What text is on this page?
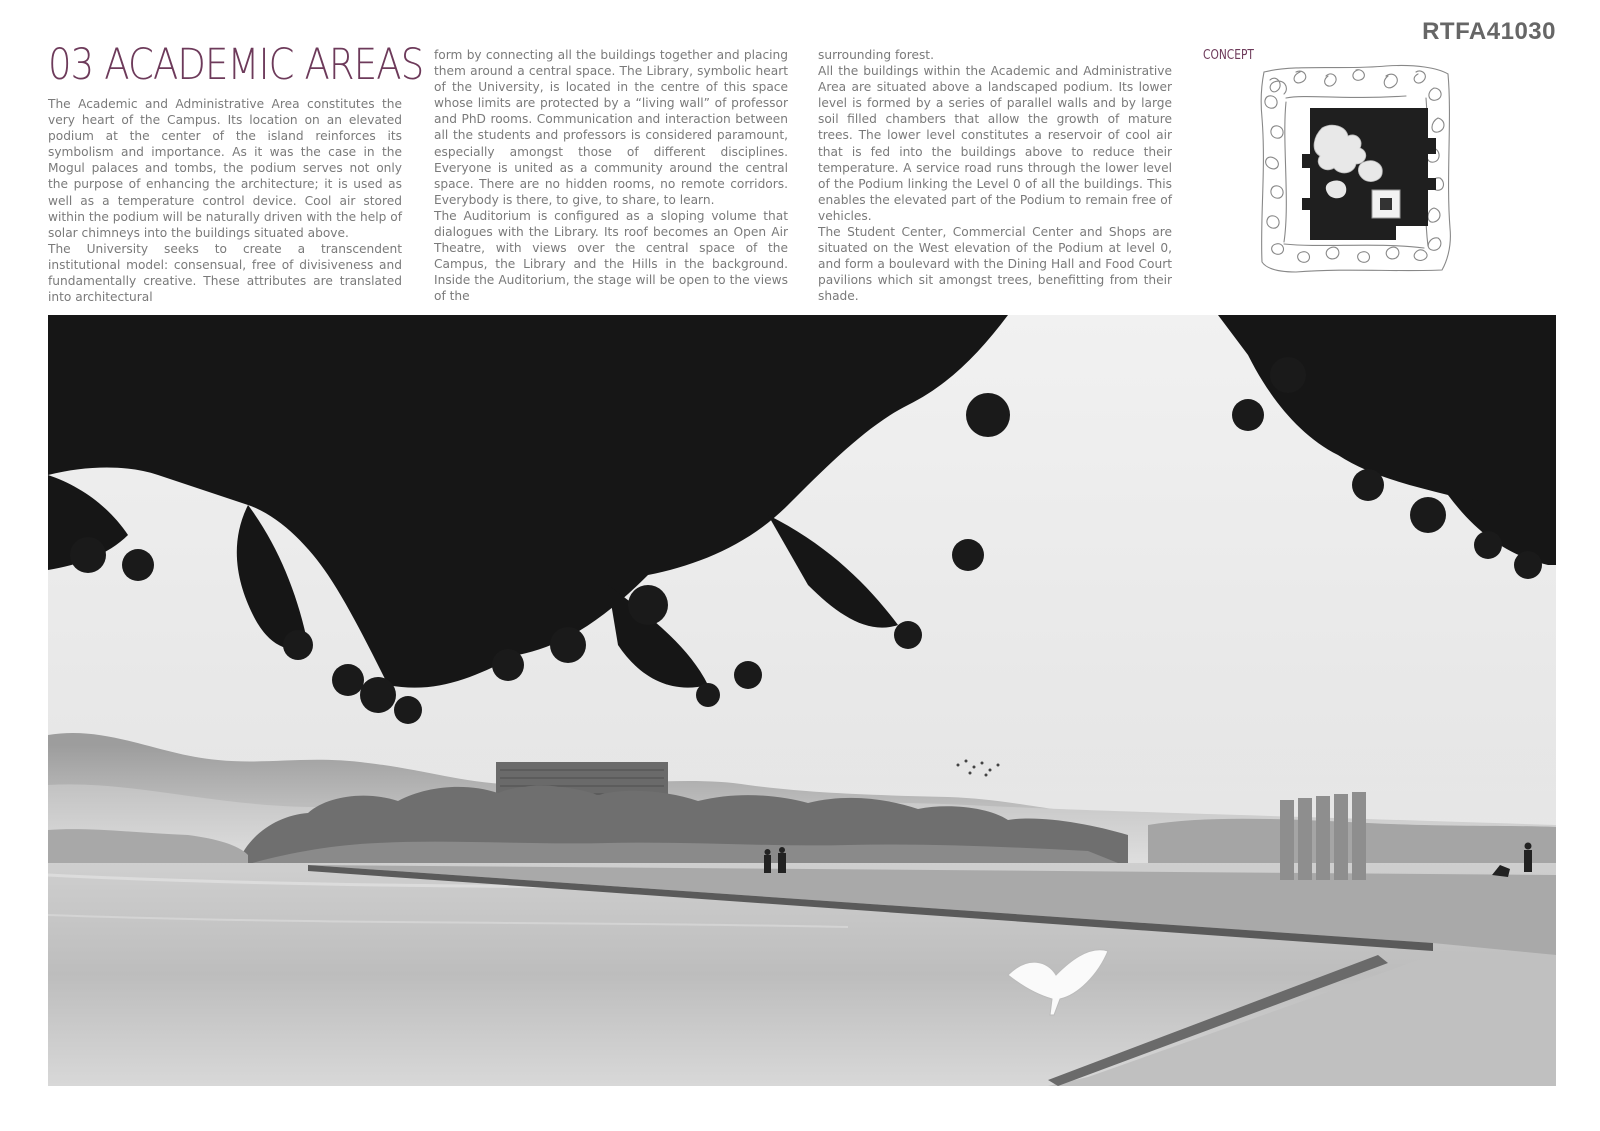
RTFA41030
03 ACADEMIC AREAS

The Academic and Administrative Area constitutes the very heart of the Campus. Its location on an elevated podium at the center of the island reinforces its symbolism and importance. As it was the case in the Mogul palaces and tombs, the podium serves not only the purpose of enhancing the architecture; it is used as well as a temperature control device. Cool air stored within the podium will be naturally driven with the help of solar chimneys into the buildings situated above.

The University seeks to create a transcendent institutional model: consensual, free of divisiveness and fundamentally creative. These attributes are translated into architectural

form by connecting all the buildings together and placing them around a central space. The Library, symbolic heart of the University, is located in the centre of this space whose limits are protected by a “living wall” of professor and PhD rooms. Communication and interaction between all the students and professors is considered paramount, especially amongst those of different disciplines. Everyone is united as a community around the central space. There are no hidden rooms, no remote corridors. Everybody is there, to give, to share, to learn.

The Auditorium is configured as a sloping volume that dialogues with the Library. Its roof becomes an Open Air Theatre, with views over the central space of the Campus, the Library and the Hills in the background. Inside the Auditorium, the stage will be open to the views of the

surrounding forest.

All the buildings within the Academic and Administrative Area are situated above a landscaped podium. Its lower level is formed by a series of parallel walls and by large soil filled chambers that allow the growth of mature trees. The lower level constitutes a reservoir of cool air that is fed into the buildings above to reduce their temperature. A service road runs through the lower level of the Podium linking the Level 0 of all the buildings. This enables the elevated part of the Podium to remain free of vehicles.

The Student Center, Commercial Center and Shops are situated on the West elevation of the Podium at level 0, and form a boulevard with the Dining Hall and Food Court pavilions which sit amongst trees, benefitting from their shade.

CONCEPT
